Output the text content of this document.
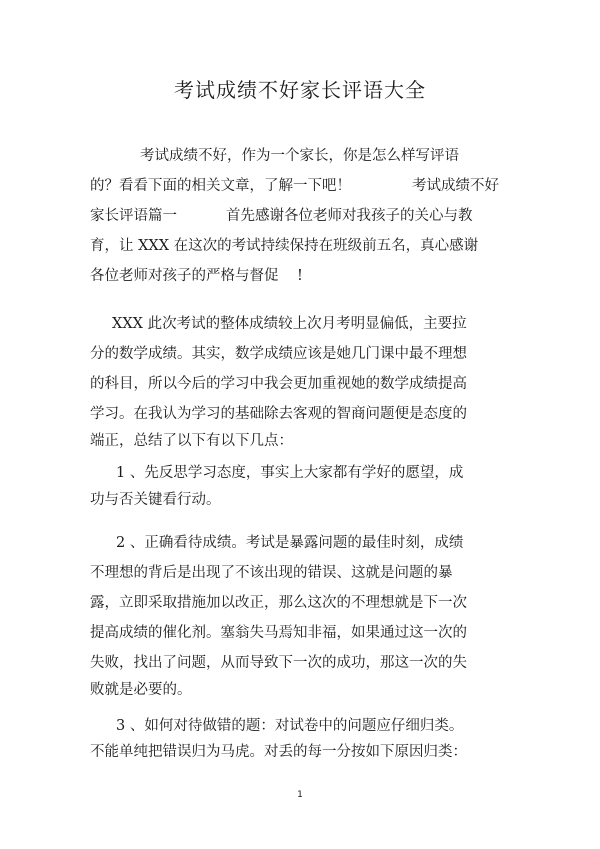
考试成绩不好家长评语大全
考试成绩不好，作为一个家长，你是怎么样写评语
的？看看下面的相关文章，了解一下吧！	考试成绩不好
家长评语篇一	首先感谢各位老师对我孩子的关心与教
育，让 XXX 在这次的考试持续保持在班级前五名，真心感谢
各位老师对孩子的严格与督促 !
XXX 此次考试的整体成绩较上次月考明显偏低，主要拉
分的数学成绩。其实，数学成绩应该是她几门课中最不理想
的科目，所以今后的学习中我会更加重视她的数学成绩提高
学习。在我认为学习的基础除去客观的智商问题便是态度的
端正，总结了以下有以下几点：
1 、先反思学习态度，事实上大家都有学好的愿望，成
功与否关键看行动。
2 、正确看待成绩。考试是暴露问题的最佳时刻，成绩
不理想的背后是出现了不该出现的错误、这就是问题的暴
露，立即采取措施加以改正，那么这次的不理想就是下一次
提高成绩的催化剂。塞翁失马焉知非福，如果通过这一次的
失败，找出了问题，从而导致下一次的成功，那这一次的失
败就是必要的。
3 、如何对待做错的题：对试卷中的问题应仔细归类。
不能单纯把错误归为马虎。对丢的每一分按如下原因归类：
1
